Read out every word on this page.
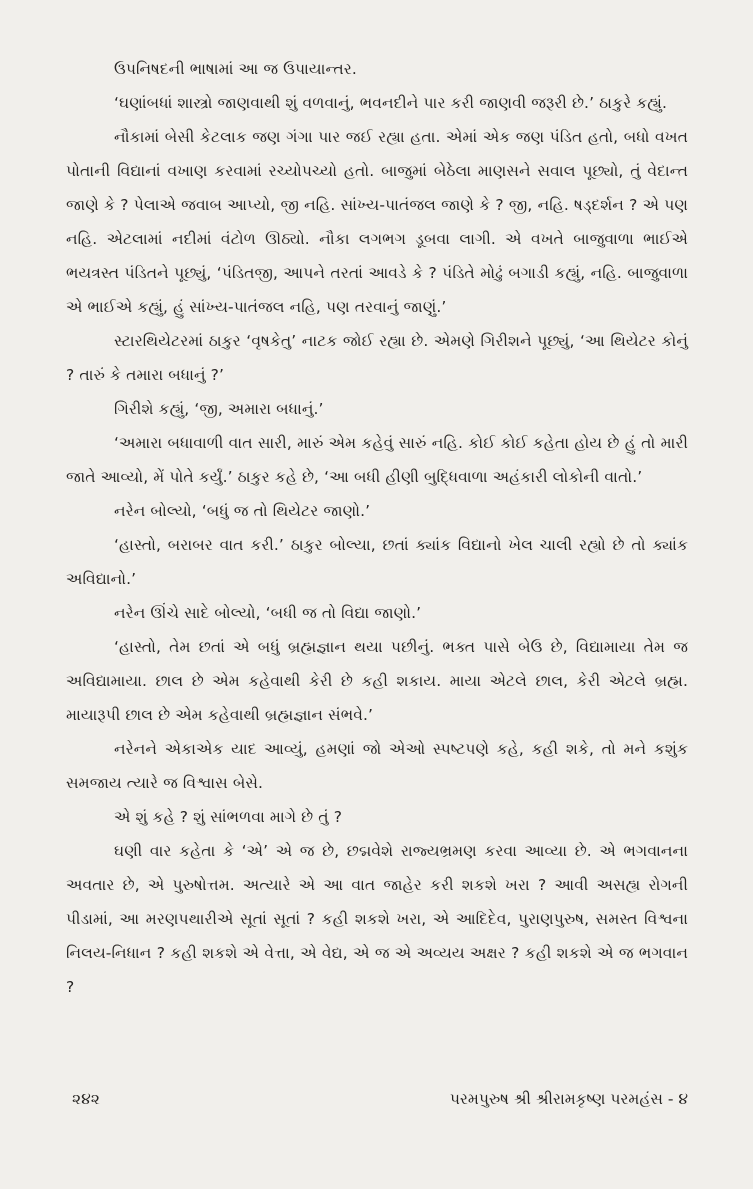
ઉપનિષદની ભાષામાં આ જ ઉપાયાન્તર.

‘ઘણાંબધાં શાસ્ત્રો જાણવાથી શું વળવાનું, ભવનદીને પાર કરી જાણવી જરૂરી છે.’ ઠાકુરે કહ્યું.

નૌકામાં બેસી કેટલાક જણ ગંગા પાર જઈ રહ્યા હતા. એમાં એક જણ પંડિત હતો, બધો વખત પોતાની વિદ્યાનાં વખાણ કરવામાં રચ્યોપચ્યો હતો. બાજુમાં બેઠેલા માણસને સવાલ પૂછ્યો, તું વેદાન્ત જાણે કે ? પેલાએ જવાબ આપ્યો, જી નહિ. સાંખ્ય-પાતંજલ જાણે કે ? જી, નહિ. ષડ્દર્શન ? એ પણ નહિ. એટલામાં નદીમાં વંટોળ ઊઠ્યો. નૌકા લગભગ ડૂબવા લાગી. એ વખતે બાજુવાળા ભાઈએ ભયત્રસ્ત પંડિતને પૂછ્યું, ‘પંડિતજી, આપને તરતાં આવડે કે ? પંડિતે મોઢું બગાડી કહ્યું, નહિ. બાજુવાળા એ ભાઈએ કહ્યું, હું સાંખ્ય-પાતંજલ નહિ, પણ તરવાનું જાણું.’

સ્ટારથિયેટરમાં ઠાકુર ‘વૃષકેતુ’ નાટક જોઈ રહ્યા છે. એમણે ગિરીશને પૂછ્યું, ‘આ થિયેટર કોનું ? તારું કે તમારા બધાનું ?’

ગિરીશે કહ્યું, ‘જી, અમારા બધાનું.’

‘અમારા બધાવાળી વાત સારી, મારું એમ કહેવું સારું નહિ. કોઈ કોઈ કહેતા હોય છે હું તો મારી જાતે આવ્યો, મેં પોતે કર્યું.’ ઠાકુર કહે છે, ‘આ બધી હીણી બુદ્ધિવાળા અહંકારી લોકોની વાતો.’

નરેન બોલ્યો, ‘બધું જ તો થિયેટર જાણો.’

‘હાસ્તો, બરાબર વાત કરી.’ ઠાકુર બોલ્યા, છતાં ક્યાંક વિદ્યાનો ખેલ ચાલી રહ્યો છે તો ક્યાંક અવિદ્યાનો.’

નરેન ઊંચે સાદે બોલ્યો, ‘બધી જ તો વિદ્યા જાણો.’

‘હાસ્તો, તેમ છતાં એ બધું બ્રહ્મજ્ઞાન થયા પછીનું. ભક્ત પાસે બેઉ છે, વિદ્યામાયા તેમ જ અવિદ્યામાયા. છાલ છે એમ કહેવાથી કેરી છે કહી શકાય. માયા એટલે છાલ, કેરી એટલે બ્રહ્મ. માયારૂપી છાલ છે એમ કહેવાથી બ્રહ્મજ્ઞાન સંભવે.’

નરેનને એકાએક યાદ આવ્યું, હમણાં જો એઓ સ્પષ્ટપણે કહે, કહી શકે, તો મને કશુંક સમજાય ત્યારે જ વિશ્વાસ બેસે.

એ શું કહે ? શું સાંભળવા માગે છે તું ?

ઘણી વાર કહેતા કે ‘એ’ એ જ છે, છદ્મવેશે રાજ્યભ્રમણ કરવા આવ્યા છે. એ ભગવાનના અવતાર છે, એ પુરુષોત્તમ. અત્યારે એ આ વાત જાહેર કરી શકશે ખરા ? આવી અસહ્ય રોગની પીડામાં, આ મરણપથારીએ સૂતાં સૂતાં ? કહી શકશે ખરા, એ આદિદેવ, પુરાણપુરુષ, સમસ્ત વિશ્વના નિલય-નિધાન ? કહી શકશે એ વેત્તા, એ વેદ્ય, એ જ એ અવ્યય અક્ષર ? કહી શકશે એ જ ભગવાન ?

૨૪૨	પરમપુરુષ શ્રી શ્રીરામકૃષ્ણ પરમહંસ - ૪
